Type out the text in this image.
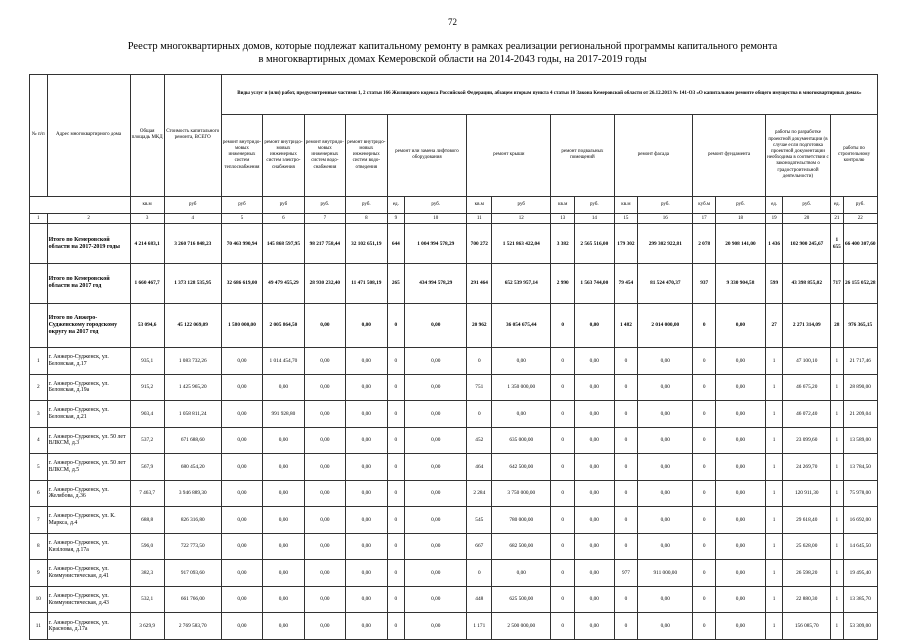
72
Реестр многоквартирных домов, которые подлежат капитальному ремонту в рамках реализации региональной программы капитального ремонта
в многоквартирных домах Кемеровской области на 2014-2043 годы, на 2017-2019 годы
№ п/п	Адрес многоквартирного дома	Общая площадь МКД	Стоимость капитального ремонта, ВСЕГО	Виды услуг и (или) работ, предусмотренные частями 1, 2 статьи 166 Жилищного кодекса Российской Федерации, абзацем вторым пункта 4 статьи 10 Закона Кемеровской области от 26.12.2013 № 141-ОЗ «О капитальном ремонте общего имущества в многоквартирных домах»																	
				ремонт внутридо-мовых инженерных систем теплоснабжения	ремонт внутридо-мовых инженерных систем электро-снабжения	ремонт внутридо-мовых инженерных систем водо-снабжения	ремонт внутридо-мовых инженерных систем водо-отведения	ремонт или замена лифтового оборудования		ремонт крыши		ремонт подвальных помещений		ремонт фасада		ремонт фундамента		работы по разработке проектной документации (в случае если подготовка проектной документации необходима в соответствии с законодательством о градостроительной деятельности)		работы по строительному контролю	
		кв.м	руб	руб	руб	руб.	руб.	ед.	руб.	кв.м	руб	кв.м	руб.	кв.м	руб.	куб.м	руб.	ед.	руб.	ед.	руб.
1	2	3	4	5	6	7	8	9	10	11	12	13	14	15	16	17	18	19	20	21	22
	Итого по Кемеровской области на 2017-2019 годы	4 214 683,1	3 260 716 848,23	70 463 990,94	145 868 597,95	98 217 758,44	32 102 651,19	644	1 004 994 578,29	700 272	1 521 863 422,04	3 382	2 565 516,00	179 302	299 302 922,81	2 078	20 908 141,00	1 436	102 900 245,67	1 655	66 400 307,60
	Итого по Кемеровской области на 2017 год	1 660 467,7	1 373 128 535,95	32 686 619,00	49 479 455,29	28 930 232,40	11 471 508,19	265	434 994 578,29	291 464	652 539 957,14	2 990	1 563 744,00	79 454	81 524 470,37	937	9 330 904,58	599	43 398 855,02	717	26 155 052,28
	Итого по Анжеро-Судженскому городскому округу на 2017 год	53 094,6	45 122 069,09	1 580 000,00	2 005 864,50	0,00	0,00	0	0,00	20 962	36 054 675,44	0	0,00	1 482	2 014 000,00	0	0,00	27	2 271 314,09	28	976 365,15
1	г. Анжеро-Судженск, ул. Беловская, д.17	935,1	1 083 732,26	0,00	1 014 454,70	0,00	0,00	0	0,00	0	0,00	0	0,00	0	0,00	0	0,00	1	47 100,10	1	21 717,46
2	г. Анжеро-Судженск, ул. Беловская, д.19а	915,2	1 425 965,20	0,00	0,00	0,00	0,00	0	0,00	751	1 350 000,00	0	0,00	0	0,00	0	0,00	1	46 675,20	1	28 890,00
3	г. Анжеро-Судженск, ул. Беловская, д.21	903,4	1 058 811,24	0,00	991 928,80	0,00	0,00	0	0,00	0	0,00	0	0,00	0	0,00	0	0,00	1	46 072,40	1	21 209,04
4	г. Анжеро-Судженск, ул. 50 лет ВЛКСМ, д.3	537,2	671 688,60	0,00	0,00	0,00	0,00	0	0,00	452	635 000,00	0	0,00	0	0,00	0	0,00	1	23 099,60	1	13 589,00
5	г. Анжеро-Судженск, ул. 50 лет ВЛКСМ, д.5	567,9	680 454,20	0,00	0,00	0,00	0,00	0	0,00	464	642 500,00	0	0,00	0	0,00	0	0,00	1	24 269,70	1	13 784,50
6	г. Анжеро-Судженск, ул. Желябова, д.36	7 463,7	3 946 889,30	0,00	0,00	0,00	0,00	0	0,00	2 284	3 750 000,00	0	0,00	0	0,00	0	0,00	1	120 911,30	1	75 978,00
7	г. Анжеро-Судженск, ул. К. Маркса, д.4	688,8	826 316,80	0,00	0,00	0,00	0,00	0	0,00	545	780 000,00	0	0,00	0	0,00	0	0,00	1	29 618,40	1	16 692,00
8	г. Анжеро-Судженск, ул. Кизіловая, д.17а	596,0	722 773,50	0,00	0,00	0,00	0,00	0	0,00	667	682 500,00	0	0,00	0	0,00	0	0,00	1	25 628,00	1	14 645,50
9	г. Анжеро-Судженск, ул. Коммунистическая, д.41	382,3	917 093,60	0,00	0,00	0,00	0,00	0	0,00	0	0,00	0	0,00	977	911 000,00	0	0,00	1	26 598,20	1	19 495,40
10	г. Анжеро-Судженск, ул. Коммунистическая, д.43	532,1	661 766,00	0,00	0,00	0,00	0,00	0	0,00	448	625 500,00	0	0,00	0	0,00	0	0,00	1	22 880,30	1	13 385,70
11	г. Анжеро-Судженск, ул. Краснова, д.17а	3 629,9	2 769 583,70	0,00	0,00	0,00	0,00	0	0,00	1 171	2 500 000,00	0	0,00	0	0,00	0	0,00	1	156 085,70	1	53 309,00
